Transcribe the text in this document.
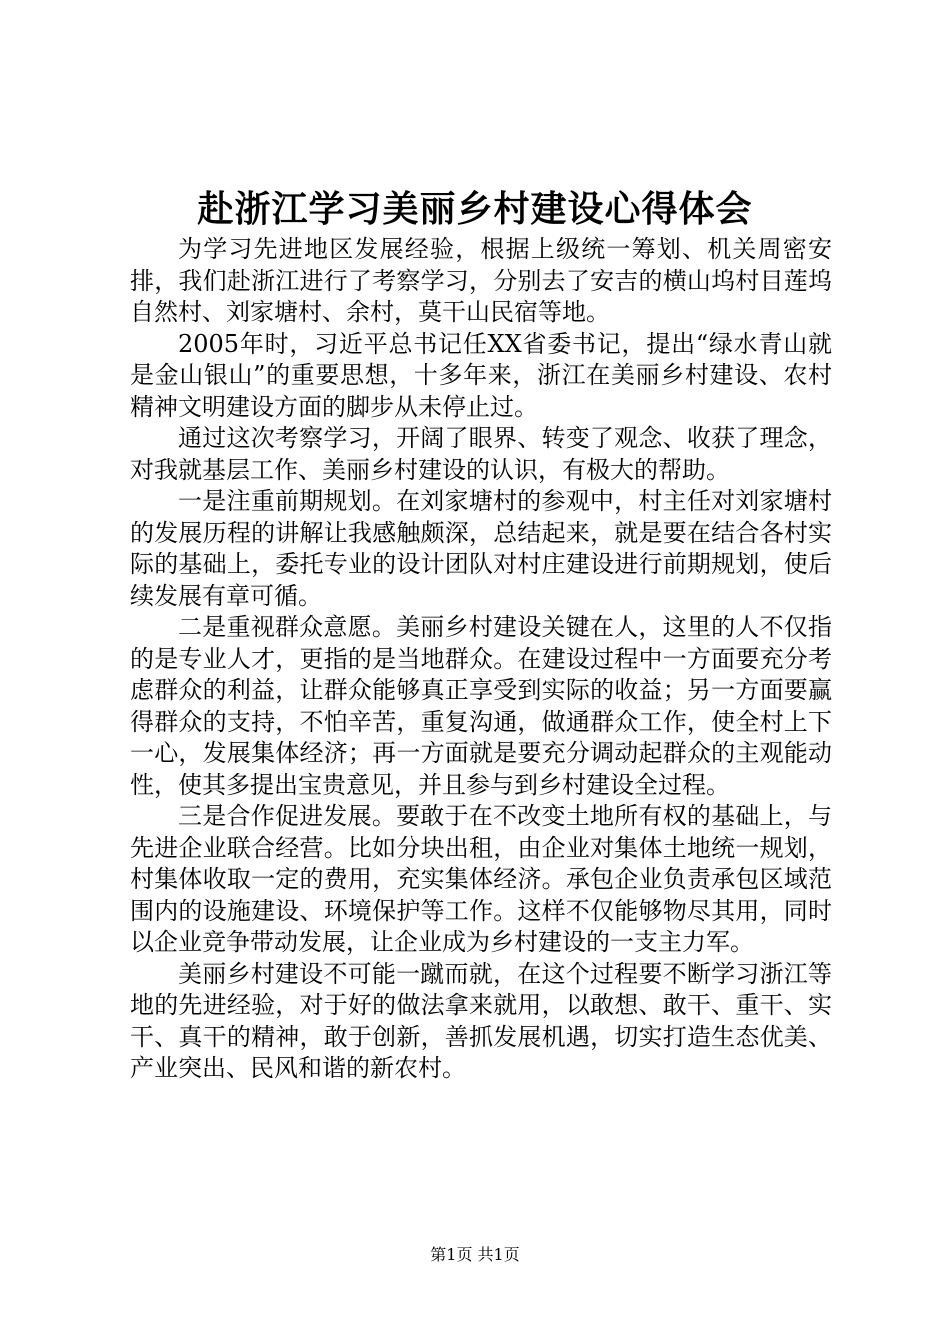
赴浙江学习美丽乡村建设心得体会

为学习先进地区发展经验，根据上级统一筹划、机关周密安排，我们赴浙江进行了考察学习，分别去了安吉的横山坞村目莲坞自然村、刘家塘村、余村，莫干山民宿等地。

2005年时，习近平总书记任XX省委书记，提出“绿水青山就是金山银山”的重要思想，十多年来，浙江在美丽乡村建设、农村精神文明建设方面的脚步从未停止过。

通过这次考察学习，开阔了眼界、转变了观念、收获了理念，对我就基层工作、美丽乡村建设的认识，有极大的帮助。

一是注重前期规划。在刘家塘村的参观中，村主任对刘家塘村的发展历程的讲解让我感触颇深，总结起来，就是要在结合各村实际的基础上，委托专业的设计团队对村庄建设进行前期规划，使后续发展有章可循。

二是重视群众意愿。美丽乡村建设关键在人，这里的人不仅指的是专业人才，更指的是当地群众。在建设过程中一方面要充分考虑群众的利益，让群众能够真正享受到实际的收益；另一方面要赢得群众的支持，不怕辛苦，重复沟通，做通群众工作，使全村上下一心，发展集体经济；再一方面就是要充分调动起群众的主观能动性，使其多提出宝贵意见，并且参与到乡村建设全过程。

三是合作促进发展。要敢于在不改变土地所有权的基础上，与先进企业联合经营。比如分块出租，由企业对集体土地统一规划，村集体收取一定的费用，充实集体经济。承包企业负责承包区域范围内的设施建设、环境保护等工作。这样不仅能够物尽其用，同时以企业竞争带动发展，让企业成为乡村建设的一支主力军。

美丽乡村建设不可能一蹴而就，在这个过程要不断学习浙江等地的先进经验，对于好的做法拿来就用，以敢想、敢干、重干、实干、真干的精神，敢于创新，善抓发展机遇，切实打造生态优美、产业突出、民风和谐的新农村。

第1页 共1页
